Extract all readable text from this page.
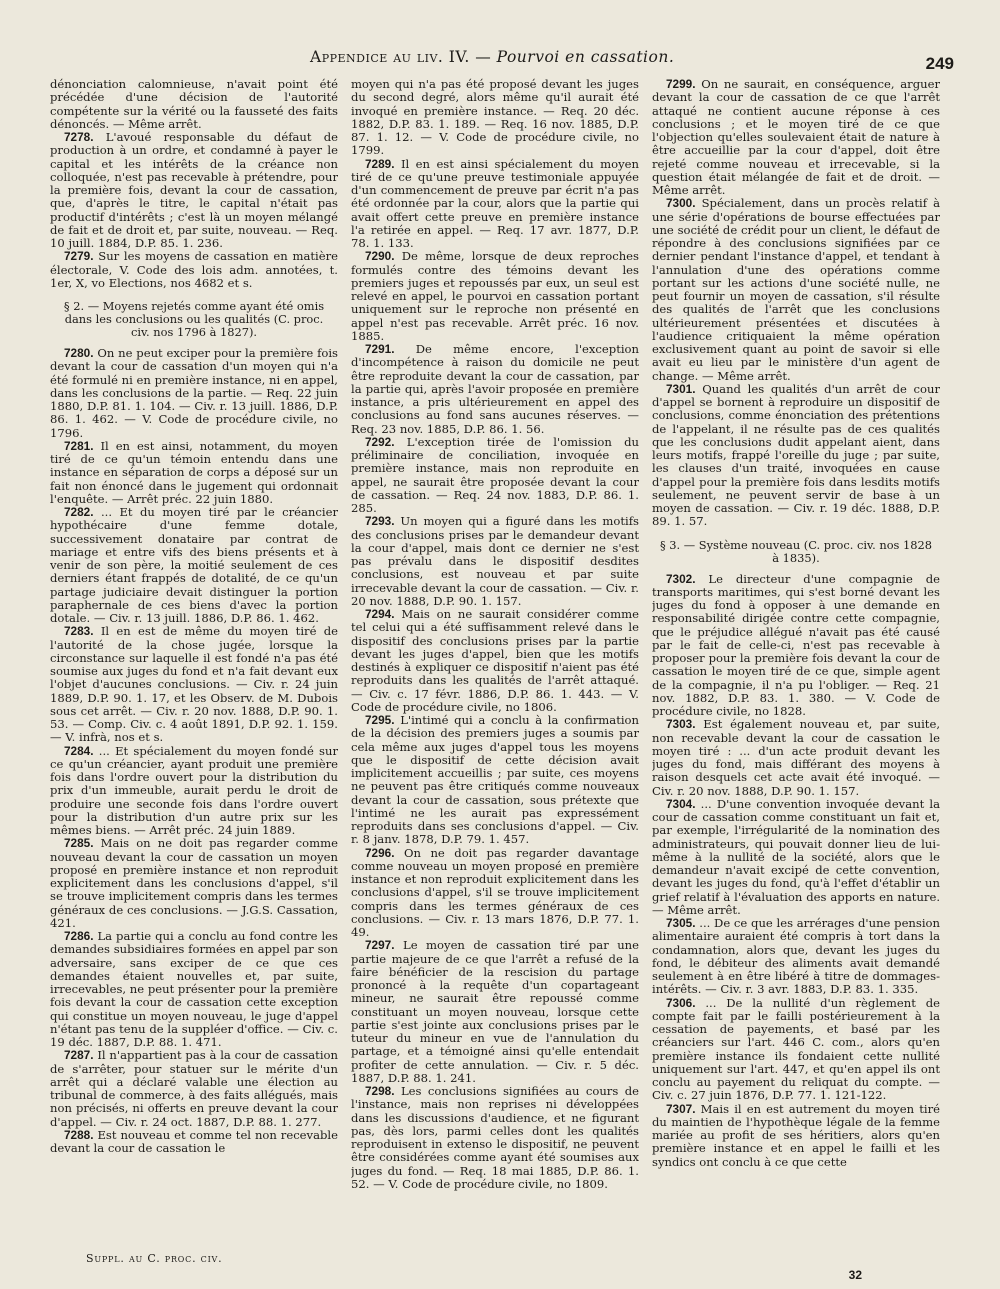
Appendice au liv. IV. — Pourvoi en cassation.	249

dénonciation calomnieuse, n'avait point été précédée d'une décision de l'autorité compétente sur la vérité ou la fausseté des faits dénoncés. — Même arrêt.

7278. L'avoué responsable du défaut de production à un ordre, et condamné à payer le capital et les intérêts de la créance non colloquée, n'est pas recevable à prétendre, pour la première fois, devant la cour de cassation, que, d'après le titre, le capital n'était pas productif d'intérêts ; c'est là un moyen mélangé de fait et de droit et, par suite, nouveau. — Req. 10 juill. 1884, D.P. 85. 1. 236.

7279. Sur les moyens de cassation en matière électorale, V. Code des lois adm. annotées, t. 1er, X, vo Elections, nos 4682 et s.

§ 2. — Moyens rejetés comme ayant été omis dans les conclusions ou les qualités (C. proc. civ. nos 1796 à 1827).

7280. On ne peut exciper pour la première fois devant la cour de cassation d'un moyen qui n'a été formulé ni en première instance, ni en appel, dans les conclusions de la partie. — Req. 22 juin 1880, D.P. 81. 1. 104. — Civ. r. 13 juill. 1886, D.P. 86. 1. 462. — V. Code de procédure civile, no 1796.

7281. Il en est ainsi, notamment, du moyen tiré de ce qu'un témoin entendu dans une instance en séparation de corps a déposé sur un fait non énoncé dans le jugement qui ordonnait l'enquête. — Arrêt préc. 22 juin 1880.

7282. ... Et du moyen tiré par le créancier hypothécaire d'une femme dotale, successivement donataire par contrat de mariage et entre vifs des biens présents et à venir de son père, la moitié seulement de ces derniers étant frappés de dotalité, de ce qu'un partage judiciaire devait distinguer la portion paraphernale de ces biens d'avec la portion dotale. — Civ. r. 13 juill. 1886, D.P. 86. 1. 462.

7283. Il en est de même du moyen tiré de l'autorité de la chose jugée, lorsque la circonstance sur laquelle il est fondé n'a pas été soumise aux juges du fond et n'a fait devant eux l'objet d'aucunes conclusions. — Civ. r. 24 juin 1889, D.P. 90. 1. 17, et les Observ. de M. Dubois sous cet arrêt. — Civ. r. 20 nov. 1888, D.P. 90. 1. 53. — Comp. Civ. c. 4 août 1891, D.P. 92. 1. 159. — V. infrà, nos et s.

7284. ... Et spécialement du moyen fondé sur ce qu'un créancier, ayant produit une première fois dans l'ordre ouvert pour la distribution du prix d'un immeuble, aurait perdu le droit de produire une seconde fois dans l'ordre ouvert pour la distribution d'un autre prix sur les mêmes biens. — Arrêt préc. 24 juin 1889.

7285. Mais on ne doit pas regarder comme nouveau devant la cour de cassation un moyen proposé en première instance et non reproduit explicitement dans les conclusions d'appel, s'il se trouve implicitement compris dans les termes généraux de ces conclusions. — J.G.S. Cassation, 421.

7286. La partie qui a conclu au fond contre les demandes subsidiaires formées en appel par son adversaire, sans exciper de ce que ces demandes étaient nouvelles et, par suite, irrecevables, ne peut présenter pour la première fois devant la cour de cassation cette exception qui constitue un moyen nouveau, le juge d'appel n'étant pas tenu de la suppléer d'office. — Civ. c. 19 déc. 1887, D.P. 88. 1. 471.

7287. Il n'appartient pas à la cour de cassation de s'arrêter, pour statuer sur le mérite d'un arrêt qui a déclaré valable une élection au tribunal de commerce, à des faits allégués, mais non précisés, ni offerts en preuve devant la cour d'appel. — Civ. r. 24 oct. 1887, D.P. 88. 1. 277.

7288. Est nouveau et comme tel non recevable devant la cour de cassation le

moyen qui n'a pas été proposé devant les juges du second degré, alors même qu'il aurait été invoqué en première instance. — Req. 20 déc. 1882, D.P. 83. 1. 189. — Req. 16 nov. 1885, D.P. 87. 1. 12. — V. Code de procédure civile, no 1799.

7289. Il en est ainsi spécialement du moyen tiré de ce qu'une preuve testimoniale appuyée d'un commencement de preuve par écrit n'a pas été ordonnée par la cour, alors que la partie qui avait offert cette preuve en première instance l'a retirée en appel. — Req. 17 avr. 1877, D.P. 78. 1. 133.

7290. De même, lorsque de deux reproches formulés contre des témoins devant les premiers juges et repoussés par eux, un seul est relevé en appel, le pourvoi en cassation portant uniquement sur le reproche non présenté en appel n'est pas recevable. Arrêt préc. 16 nov. 1885.

7291. De même encore, l'exception d'incompétence à raison du domicile ne peut être reproduite devant la cour de cassation, par la partie qui, après l'avoir proposée en première instance, a pris ultérieurement en appel des conclusions au fond sans aucunes réserves. — Req. 23 nov. 1885, D.P. 86. 1. 56.

7292. L'exception tirée de l'omission du préliminaire de conciliation, invoquée en première instance, mais non reproduite en appel, ne saurait être proposée devant la cour de cassation. — Req. 24 nov. 1883, D.P. 86. 1. 285.

7293. Un moyen qui a figuré dans les motifs des conclusions prises par le demandeur devant la cour d'appel, mais dont ce dernier ne s'est pas prévalu dans le dispositif desdites conclusions, est nouveau et par suite irrecevable devant la cour de cassation. — Civ. r. 20 nov. 1888, D.P. 90. 1. 157.

7294. Mais on ne saurait considérer comme tel celui qui a été suffisamment relevé dans le dispositif des conclusions prises par la partie devant les juges d'appel, bien que les motifs destinés à expliquer ce dispositif n'aient pas été reproduits dans les qualités de l'arrêt attaqué. — Civ. c. 17 févr. 1886, D.P. 86. 1. 443. — V. Code de procédure civile, no 1806.

7295. L'intimé qui a conclu à la confirmation de la décision des premiers juges a soumis par cela même aux juges d'appel tous les moyens que le dispositif de cette décision avait implicitement accueillis ; par suite, ces moyens ne peuvent pas être critiqués comme nouveaux devant la cour de cassation, sous prétexte que l'intimé ne les aurait pas expressément reproduits dans ses conclusions d'appel. — Civ. r. 8 janv. 1878, D.P. 79. 1. 457.

7296. On ne doit pas regarder davantage comme nouveau un moyen proposé en première instance et non reproduit explicitement dans les conclusions d'appel, s'il se trouve implicitement compris dans les termes généraux de ces conclusions. — Civ. r. 13 mars 1876, D.P. 77. 1. 49.

7297. Le moyen de cassation tiré par une partie majeure de ce que l'arrêt a refusé de la faire bénéficier de la rescision du partage prononcé à la requête d'un copartageant mineur, ne saurait être repoussé comme constituant un moyen nouveau, lorsque cette partie s'est jointe aux conclusions prises par le tuteur du mineur en vue de l'annulation du partage, et a témoigné ainsi qu'elle entendait profiter de cette annulation. — Civ. r. 5 déc. 1887, D.P. 88. 1. 241.

7298. Les conclusions signifiées au cours de l'instance, mais non reprises ni développées dans les discussions d'audience, et ne figurant pas, dès lors, parmi celles dont les qualités reproduisent in extenso le dispositif, ne peuvent être considérées comme ayant été soumises aux juges du fond. — Req. 18 mai 1885, D.P. 86. 1. 52. — V. Code de procédure civile, no 1809.

7299. On ne saurait, en conséquence, arguer devant la cour de cassation de ce que l'arrêt attaqué ne contient aucune réponse à ces conclusions ; et le moyen tiré de ce que l'objection qu'elles soulevaient était de nature à être accueillie par la cour d'appel, doit être rejeté comme nouveau et irrecevable, si la question était mélangée de fait et de droit. — Même arrêt.

7300. Spécialement, dans un procès relatif à une série d'opérations de bourse effectuées par une société de crédit pour un client, le défaut de répondre à des conclusions signifiées par ce dernier pendant l'instance d'appel, et tendant à l'annulation d'une des opérations comme portant sur les actions d'une société nulle, ne peut fournir un moyen de cassation, s'il résulte des qualités de l'arrêt que les conclusions ultérieurement présentées et discutées à l'audience critiquaient la même opération exclusivement quant au point de savoir si elle avait eu lieu par le ministère d'un agent de change. — Même arrêt.

7301. Quand les qualités d'un arrêt de cour d'appel se bornent à reproduire un dispositif de conclusions, comme énonciation des prétentions de l'appelant, il ne résulte pas de ces qualités que les conclusions dudit appelant aient, dans leurs motifs, frappé l'oreille du juge ; par suite, les clauses d'un traité, invoquées en cause d'appel pour la première fois dans lesdits motifs seulement, ne peuvent servir de base à un moyen de cassation. — Civ. r. 19 déc. 1888, D.P. 89. 1. 57.

§ 3. — Système nouveau (C. proc. civ. nos 1828 à 1835).

7302. Le directeur d'une compagnie de transports maritimes, qui s'est borné devant les juges du fond à opposer à une demande en responsabilité dirigée contre cette compagnie, que le préjudice allégué n'avait pas été causé par le fait de celle-ci, n'est pas recevable à proposer pour la première fois devant la cour de cassation le moyen tiré de ce que, simple agent de la compagnie, il n'a pu l'obliger. — Req. 21 nov. 1882, D.P. 83. 1. 380. — V. Code de procédure civile, no 1828.

7303. Est également nouveau et, par suite, non recevable devant la cour de cassation le moyen tiré : ... d'un acte produit devant les juges du fond, mais différant des moyens à raison desquels cet acte avait été invoqué. — Civ. r. 20 nov. 1888, D.P. 90. 1. 157.

7304. ... D'une convention invoquée devant la cour de cassation comme constituant un fait et, par exemple, l'irrégularité de la nomination des administrateurs, qui pouvait donner lieu de lui-même à la nullité de la société, alors que le demandeur n'avait excipé de cette convention, devant les juges du fond, qu'à l'effet d'établir un grief relatif à l'évaluation des apports en nature. — Même arrêt.

7305. ... De ce que les arrérages d'une pension alimentaire auraient été compris à tort dans la condamnation, alors que, devant les juges du fond, le débiteur des aliments avait demandé seulement à en être libéré à titre de dommages-intérêts. — Civ. r. 3 avr. 1883, D.P. 83. 1. 335.

7306. ... De la nullité d'un règlement de compte fait par le failli postérieurement à la cessation de payements, et basé par les créanciers sur l'art. 446 C. com., alors qu'en première instance ils fondaient cette nullité uniquement sur l'art. 447, et qu'en appel ils ont conclu au payement du reliquat du compte. — Civ. c. 27 juin 1876, D.P. 77. 1. 121-122.

7307. Mais il en est autrement du moyen tiré du maintien de l'hypothèque légale de la femme mariée au profit de ses héritiers, alors qu'en première instance et en appel le failli et les syndics ont conclu à ce que cette

Suppl. au C. proc. civ.
32
